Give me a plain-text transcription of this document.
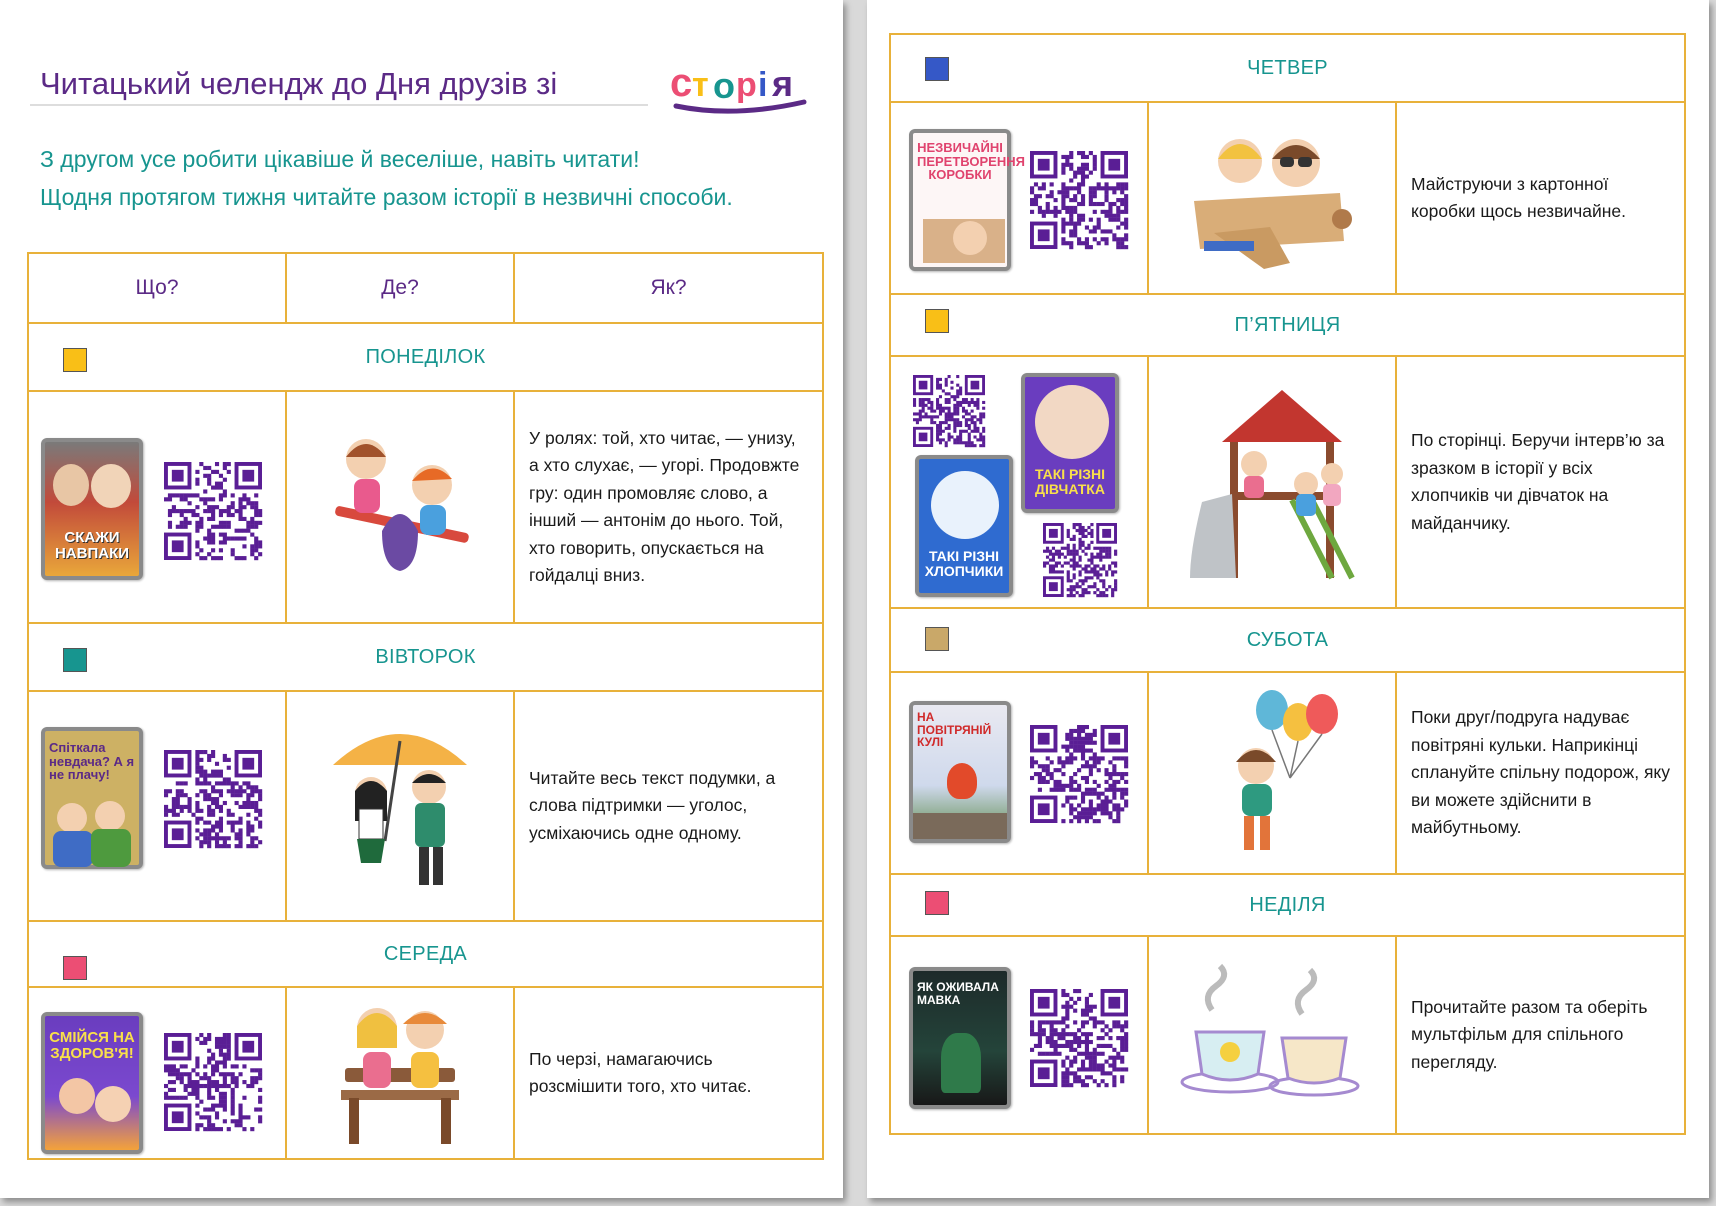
Читацький челендж до Дня друзів зі	с т о р і я
З другом усе робити цікавіше й веселіше, навіть читати!
Щодня протягом тижня читайте разом історії в незвичні способи.
Що?	Де?	Як?

ПОНЕДІЛОК		

СКАЖИ НАВПАКИ		У ролях: той, хто читає, — унизу, а хто слухає, — угорі. Продовжте гру: один промовляє слово, а інший — антонім до нього. Той, хто говорить, опускається на гойдалці вниз.

ВІВТОРОК		

Спіткала невдача? А я не плачу!		Читайте весь текст подумки, а слова підтримки — уголос, усміхаючись одне одному.

СЕРЕДА		

СМІЙСЯ НА ЗДОРОВ'Я!		По черзі, намагаючись розсмішити того, хто читає.
ЧЕТВЕР		

НЕЗВИЧАЙНІ ПЕРЕТВОРЕННЯ КОРОБКИ		Майструючи з картонної коробки щось незвичайне.

П’ЯТНИЦЯ		

ТАКІ РІЗНІ ХЛОПЧИКИ
ТАКІ РІЗНІ ДІВЧАТКА		По сторінці. Беручи інтерв’ю за зразком в історії у всіх хлопчиків чи дівчаток на майданчику.

СУБОТА		

НА ПОВІТРЯНІЙ КУЛІ		Поки друг/подруга надуває повітряні кульки. Наприкінці сплануйте спільну подорож, яку ви можете здійснити в майбутньому.

НЕДІЛЯ		

ЯК ОЖИВАЛА МАВКА		Прочитайте разом та оберіть мультфільм для спільного перегляду.
